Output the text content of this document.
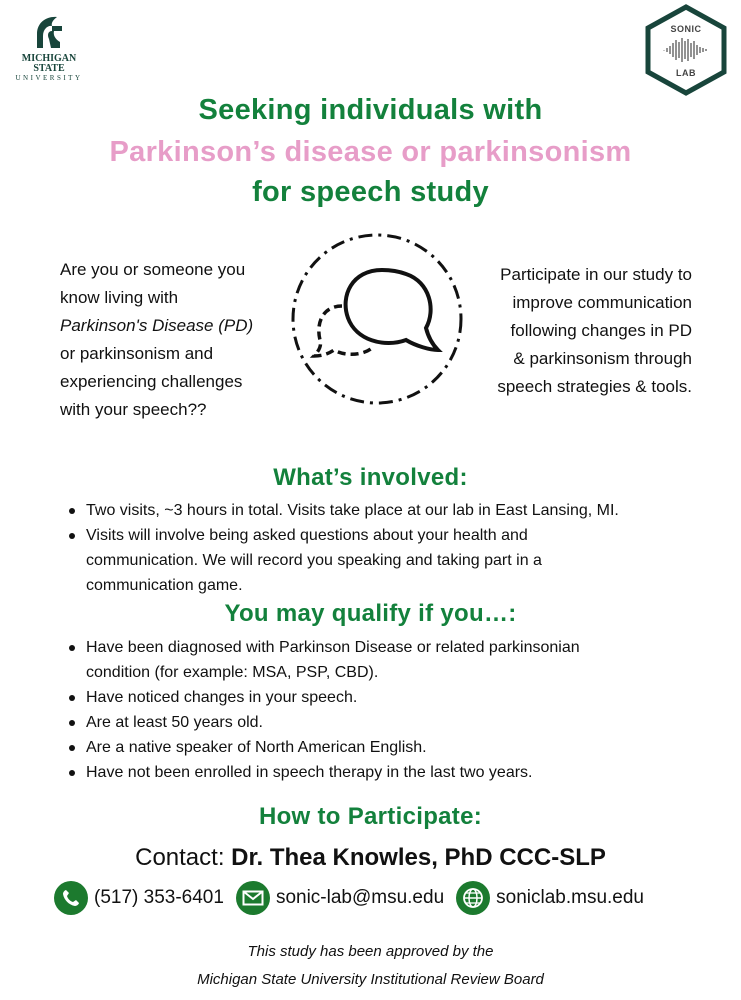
MICHIGAN STATE
UNIVERSITY
SONIC
LAB
Seeking individuals with
Parkinson’s disease or parkinsonism
for speech study
Are you or someone you
know living with
Parkinson's Disease (PD)
or parkinsonism and
experiencing challenges
with your speech??
Participate in our study to
improve communication
following changes in PD
& parkinsonism through
speech strategies & tools.
What’s involved:
Two visits, ~3 hours in total. Visits take place at our lab in East Lansing, MI.
Visits will involve being asked questions about your health and
communication. We will record you speaking and taking part in a
communication game.
You may qualify if you…:
Have been diagnosed with Parkinson Disease or related parkinsonian
condition (for example: MSA, PSP, CBD).
Have noticed changes in your speech.
Are at least 50 years old.
Are a native speaker of North American English.
Have not been enrolled in speech therapy in the last two years.
How to Participate:
Contact: Dr. Thea Knowles, PhD CCC-SLP
(517) 353-6401	sonic-lab@msu.edu	soniclab.msu.edu
This study has been approved by the
Michigan State University Institutional Review Board
